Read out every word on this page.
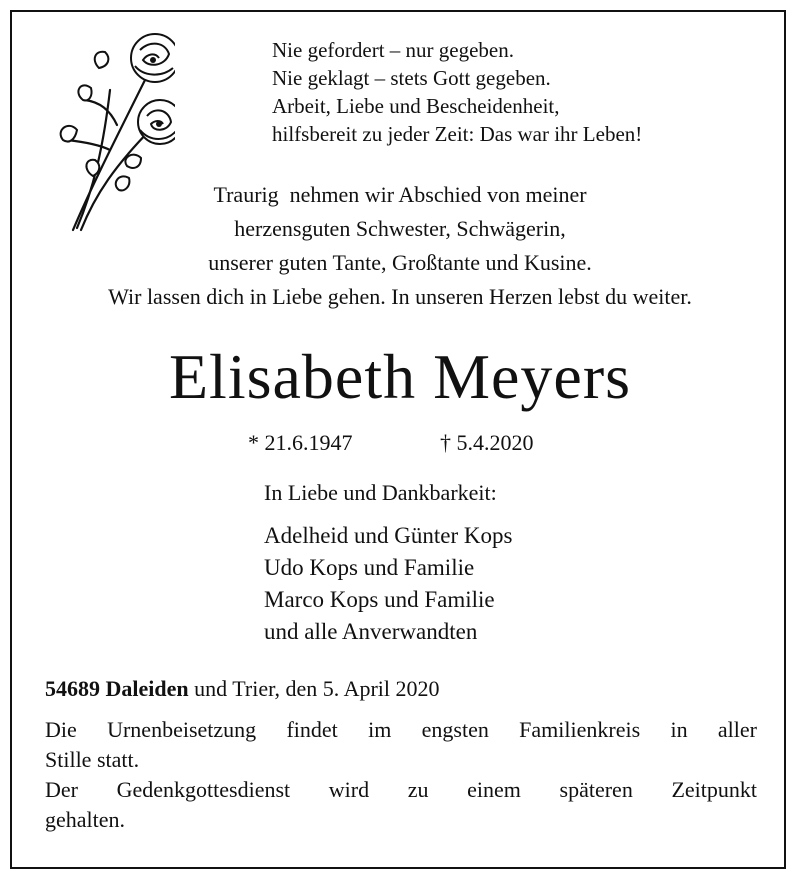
Nie gefordert – nur gegeben.
Nie geklagt – stets Gott gegeben.
Arbeit, Liebe und Bescheidenheit,
hilfsbereit zu jeder Zeit: Das war ihr Leben!
Traurig  nehmen wir Abschied von meiner
herzensguten Schwester, Schwägerin,
unserer guten Tante, Großtante und Kusine.
Wir lassen dich in Liebe gehen. In unseren Herzen lebst du weiter.
Elisabeth Meyers
* 21.6.1947	† 5.4.2020
In Liebe und Dankbarkeit:
Adelheid und Günter Kops
Udo Kops und Familie
Marco Kops und Familie
und alle Anverwandten
54689 Daleiden und Trier, den 5. April 2020

Die Urnenbeisetzung findet im engsten Familienkreis in aller

Stille statt.

Der Gedenkgottesdienst wird zu einem späteren Zeitpunkt

gehalten.
